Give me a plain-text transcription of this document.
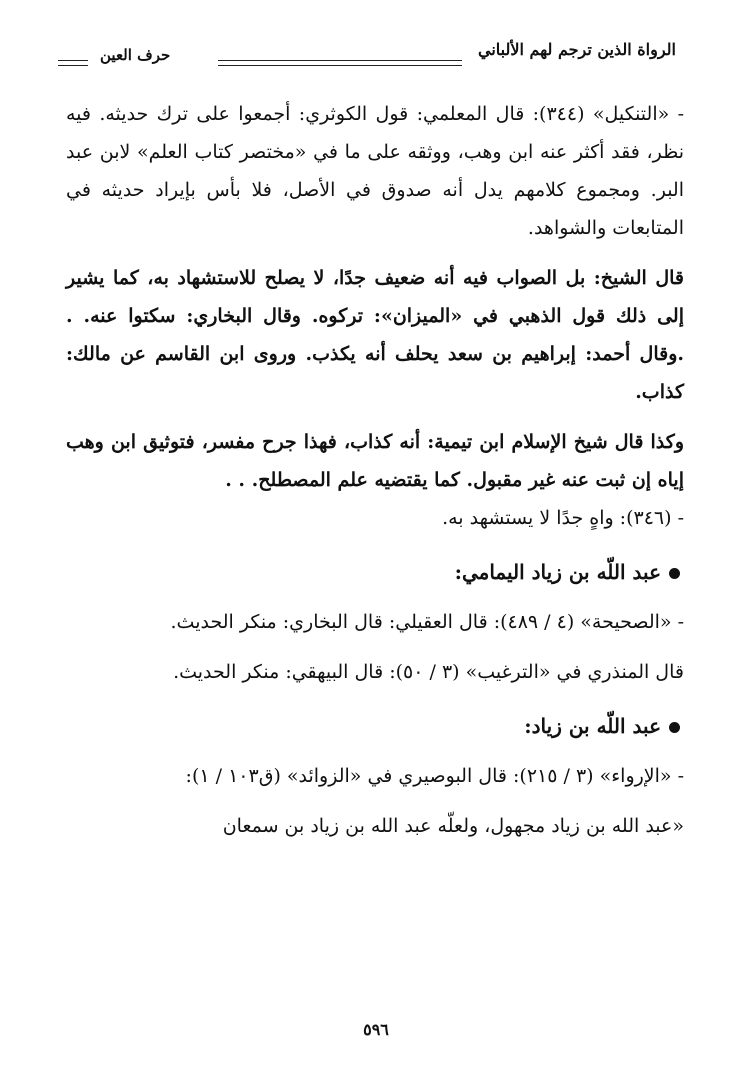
الرواة الذين ترجم لهم الألباني
حرف العين

- «التنكيل» (٣٤٤): قال المعلمي: قول الكوثري: أجمعوا على ترك حديثه. فيه نظر، فقد أكثر عنه ابن وهب، ووثقه على ما في «مختصر كتاب العلم» لابن عبد البر. ومجموع كلامهم يدل أنه صدوق في الأصل، فلا بأس بإيراد حديثه في المتابعات والشواهد.

قال الشيخ: بل الصواب فيه أنه ضعيف جدًا، لا يصلح للاستشهاد به، كما يشير إلى ذلك قول الذهبي في «الميزان»: تركوه. وقال البخاري: سكتوا عنه. . .وقال أحمد: إبراهيم بن سعد يحلف أنه يكذب. وروى ابن القاسم عن مالك: كذاب.

وكذا قال شيخ الإسلام ابن تيمية: أنه كذاب، فهذا جرح مفسر، فتوثيق ابن وهب إياه إن ثبت عنه غير مقبول. كما يقتضيه علم المصطلح. . .

- (٣٤٦): واهٍ جدًا لا يستشهد به.

عبد اللّه بن زياد اليمامي:

- «الصحيحة» (٤ / ٤٨٩): قال العقيلي: قال البخاري: منكر الحديث.

قال المنذري في «الترغيب» (٣ / ٥٠): قال البيهقي: منكر الحديث.

عبد اللّه بن زياد:

- «الإرواء» (٣ / ٢١٥): قال البوصيري في «الزوائد» (ق١٠٣ / ١):

«عبد الله بن زياد مجهول، ولعلّه عبد الله بن زياد بن سمعان

٥٩٦
